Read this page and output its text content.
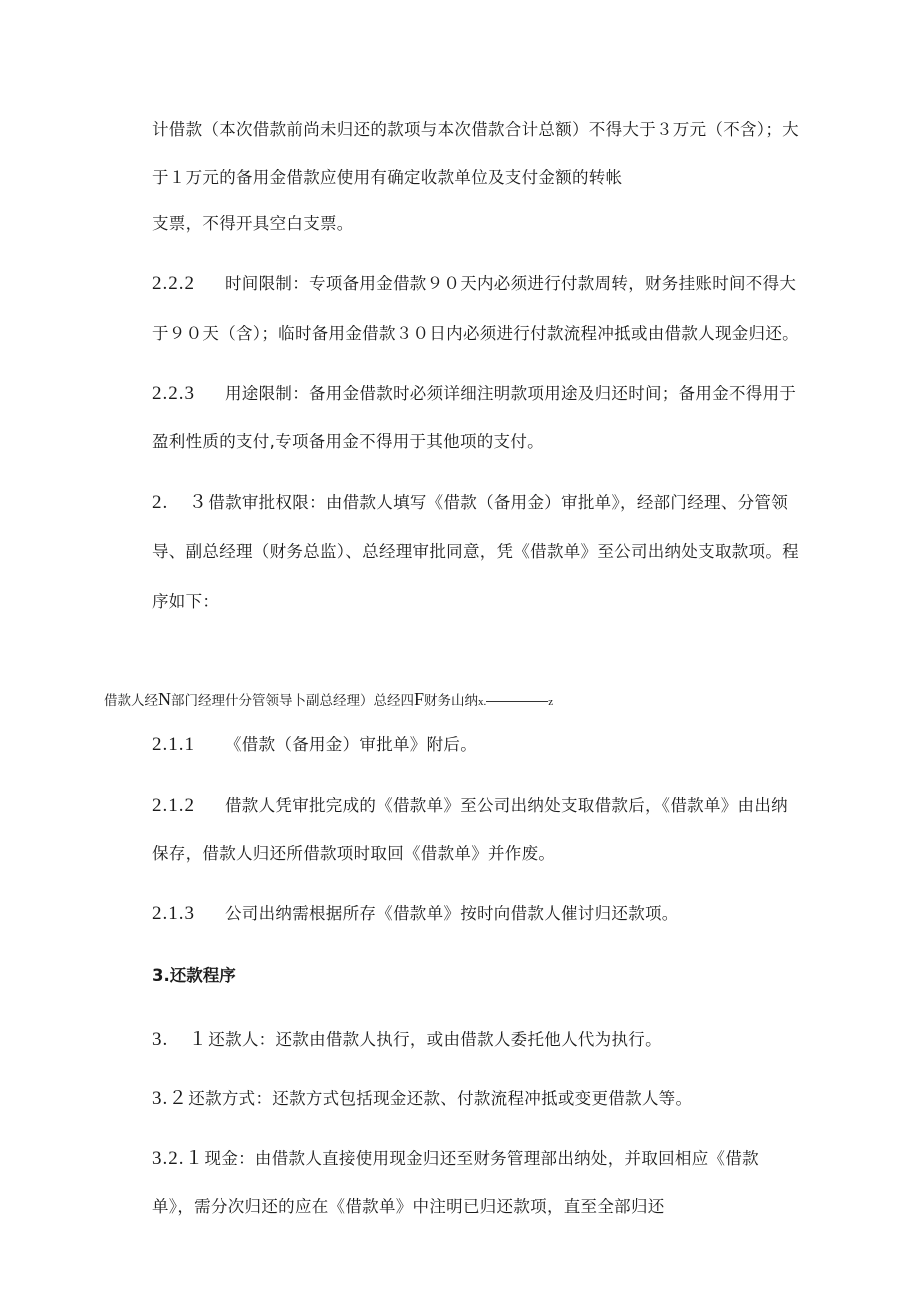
计借款（本次借款前尚未归还的款项与本次借款合计总额）不得大于３万元（不含）；大
于１万元的备用金借款应使用有确定收款单位及支付金额的转帐
支票，不得开具空白支票。
2.2.2 时间限制：专项备用金借款９０天内必须进行付款周转，财务挂账时间不得大
于９０天（含）；临时备用金借款３０日内必须进行付款流程冲抵或由借款人现金归还。
2.2.3 用途限制：备用金借款时必须详细注明款项用途及归还时间；备用金不得用于
盈利性质的支付,专项备用金不得用于其他项的支付。
2.　３借款审批权限：由借款人填写《借款（备用金）审批单》，经部门经理、分管领
导、副总经理（财务总监）、总经理审批同意，凭《借款单》至公司出纳处支取款项。程
序如下：
借款人经N部门经理什分管领导卜副总经理）总经四F财务山纳x.	z
2.1.1 《借款（备用金）审批单》附后。
2.1.2 借款人凭审批完成的《借款单》至公司出纳处支取借款后，《借款单》由出纳
保存，借款人归还所借款项时取回《借款单》并作废。
2.1.3 公司出纳需根据所存《借款单》按时向借款人催讨归还款项。
3.还款程序
3.　１还款人：还款由借款人执行，或由借款人委托他人代为执行。
3.２还款方式：还款方式包括现金还款、付款流程冲抵或变更借款人等。
3.2.１现金：由借款人直接使用现金归还至财务管理部出纳处，并取回相应《借款
单》，需分次归还的应在《借款单》中注明已归还款项，直至全部归还
